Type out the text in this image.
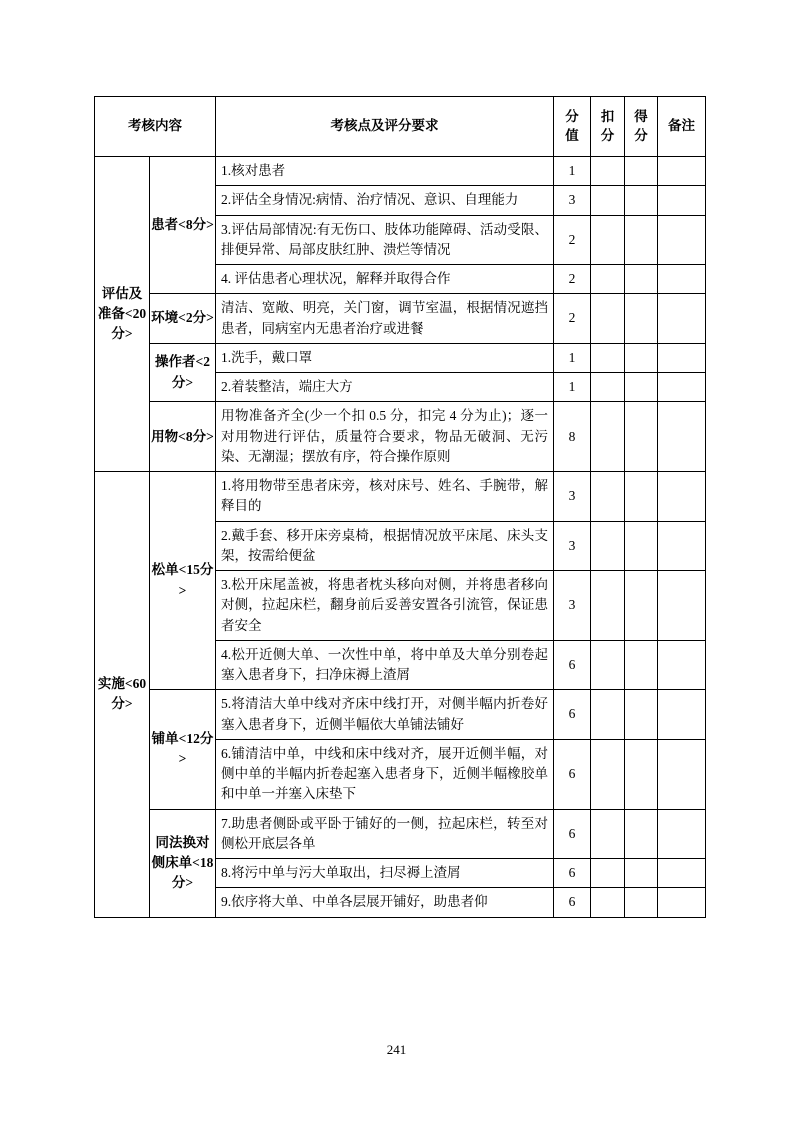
考核内容		考核点及评分要求	分值	扣分	得分	备注
评估及准备<20分>	患者<8分>	1.核对患者	1			
		2.评估全身情况:病情、治疗情况、意识、自理能力	3			
		3.评估局部情况:有无伤口、肢体功能障碍、活动受限、排便异常、局部皮肤红肿、溃烂等情况	2			
		4. 评估患者心理状况，解释并取得合作	2			
	环境<2分>	清洁、宽敞、明亮，关门窗，调节室温，根据情况遮挡患者，同病室内无患者治疗或进餐	2			
	操作者<2分>	1.洗手，戴口罩	1			
		2.着装整洁，端庄大方	1			
	用物<8分>	用物准备齐全(少一个扣 0.5 分，扣完 4 分为止)；逐一对用物进行评估，质量符合要求，物品无破洞、无污染、无潮湿；摆放有序，符合操作原则	8			
实施<60分>	松单<15分>	1.将用物带至患者床旁，核对床号、姓名、手腕带，解释目的	3			
		2.戴手套、移开床旁桌椅，根据情况放平床尾、床头支架，按需给便盆	3			
		3.松开床尾盖被，将患者枕头移向对侧，并将患者移向对侧，拉起床栏，翻身前后妥善安置各引流管，保证患者安全	3			
		4.松开近侧大单、一次性中单，将中单及大单分别卷起塞入患者身下，扫净床褥上渣屑	6			
	铺单<12分>	5.将清洁大单中线对齐床中线打开，对侧半幅内折卷好塞入患者身下，近侧半幅依大单铺法铺好	6			
		6.铺清洁中单，中线和床中线对齐，展开近侧半幅，对侧中单的半幅内折卷起塞入患者身下，近侧半幅橡胶单和中单一并塞入床垫下	6			
	同法换对侧床单<18分>	7.助患者侧卧或平卧于铺好的一侧，拉起床栏，转至对侧松开底层各单	6			
		8.将污中单与污大单取出，扫尽褥上渣屑	6			
		9.依序将大单、中单各层展开铺好，助患者仰	6			
241
